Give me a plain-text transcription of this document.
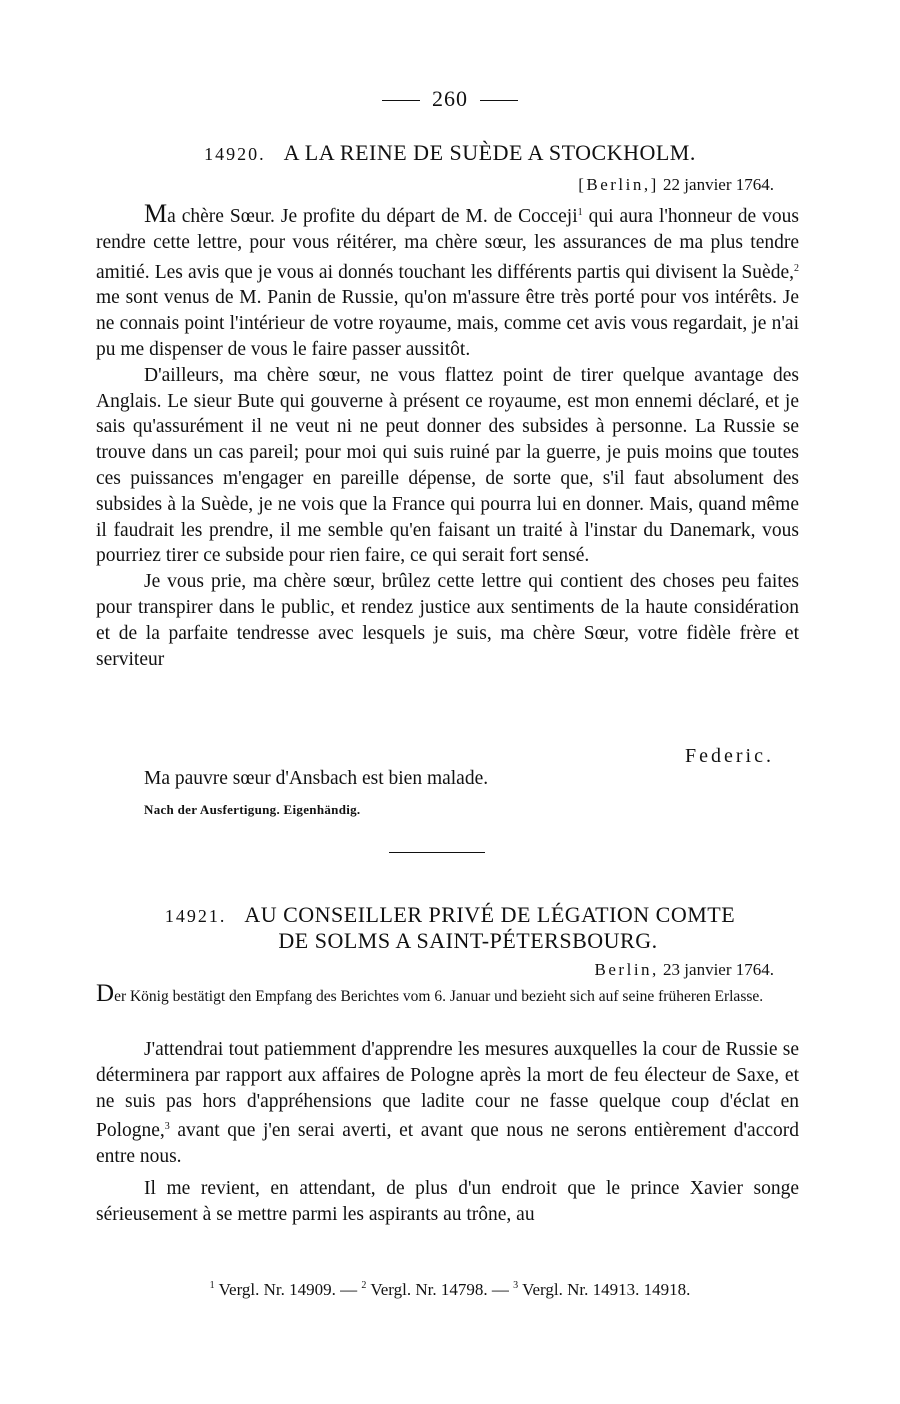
260
14920. A LA REINE DE SUÈDE A STOCKHOLM.
[Berlin,] 22 janvier 1764.

Ma chère Sœur. Je profite du départ de M. de Cocceji$^1$ qui aura l'honneur de vous rendre cette lettre, pour vous réitérer, ma chère sœur, les assurances de ma plus tendre amitié. Les avis que je vous ai donnés touchant les différents partis qui divisent la Suède,$^2$ me sont venus de M. Panin de Russie, qu'on m'assure être très porté pour vos intérêts. Je ne connais point l'intérieur de votre royaume, mais, comme cet avis vous regardait, je n'ai pu me dispenser de vous le faire passer aussitôt.

D'ailleurs, ma chère sœur, ne vous flattez point de tirer quelque avantage des Anglais. Le sieur Bute qui gouverne à présent ce royaume, est mon ennemi déclaré, et je sais qu'assurément il ne veut ni ne peut donner des subsides à personne. La Russie se trouve dans un cas pareil; pour moi qui suis ruiné par la guerre, je puis moins que toutes ces puissances m'engager en pareille dépense, de sorte que, s'il faut absolument des subsides à la Suède, je ne vois que la France qui pourra lui en donner. Mais, quand même il faudrait les prendre, il me semble qu'en faisant un traité à l'instar du Danemark, vous pourriez tirer ce subside pour rien faire, ce qui serait fort sensé.

Je vous prie, ma chère sœur, brûlez cette lettre qui contient des choses peu faites pour transpirer dans le public, et rendez justice aux sentiments de la haute considération et de la parfaite tendresse avec lesquels je suis, ma chère Sœur, votre fidèle frère et serviteur

Federic.
Ma pauvre sœur d'Ansbach est bien malade.
Nach der Ausfertigung. Eigenhändig.
14921. AU CONSEILLER PRIVÉ DE LÉGATION COMTE
DE SOLMS A SAINT-PÉTERSBOURG.
Berlin, 23 janvier 1764.
Der König bestätigt den Empfang des Berichtes vom 6. Januar und bezieht sich auf seine früheren Erlasse.

J'attendrai tout patiemment d'apprendre les mesures auxquelles la cour de Russie se déterminera par rapport aux affaires de Pologne après la mort de feu électeur de Saxe, et ne suis pas hors d'appréhensions que ladite cour ne fasse quelque coup d'éclat en Pologne,$^3$ avant que j'en serai averti, et avant que nous ne serons entièrement d'accord entre nous.

Il me revient, en attendant, de plus d'un endroit que le prince Xavier songe sérieusement à se mettre parmi les aspirants au trône, au

$^1$ Vergl. Nr. 14909. — $^2$ Vergl. Nr. 14798. — $^3$ Vergl. Nr. 14913. 14918.
